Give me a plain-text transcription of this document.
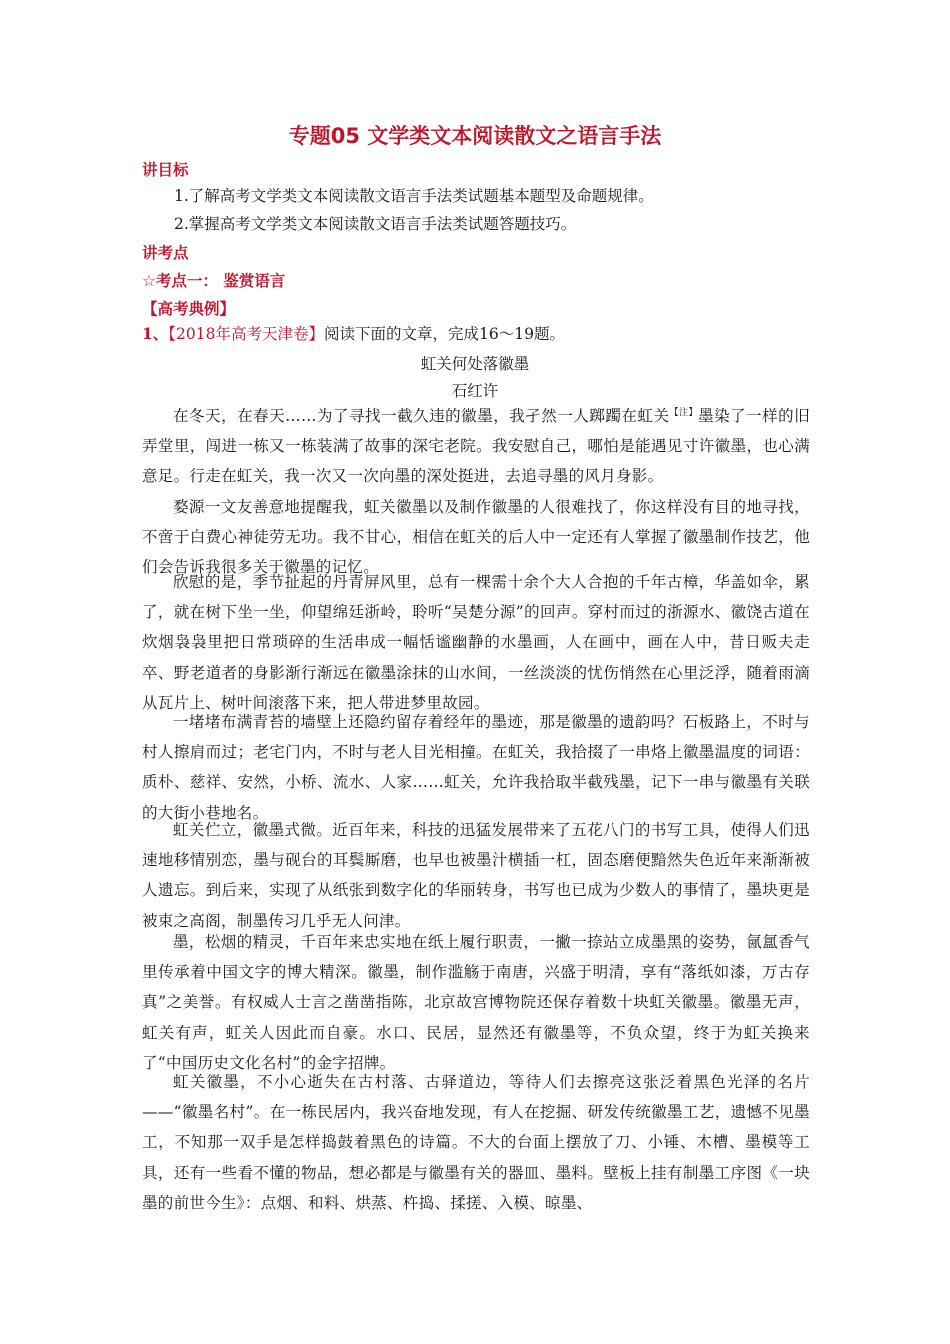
专题05 文学类文本阅读散文之语言手法
讲目标
1.了解高考文学类文本阅读散文语言手法类试题基本题型及命题规律。
2.掌握高考文学类文本阅读散文语言手法类试题答题技巧。
讲考点
☆考点一： 鉴赏语言
【高考典例】
1、【2018年高考天津卷】阅读下面的文章，完成16～19题。
虹关何处落徽墨
石红许
在冬天，在春天……为了寻找一截久违的徽墨，我孑然一人踯躅在虹关$^{【注】}$墨染了一样的旧弄堂里，闯进一栋又一栋装满了故事的深宅老院。我安慰自己，哪怕是能遇见寸许徽墨，也心满意足。行走在虹关，我一次又一次向墨的深处挺进，去追寻墨的风月身影。
婺源一文友善意地提醒我，虹关徽墨以及制作徽墨的人很难找了，你这样没有目的地寻找，不啻于白费心神徒劳无功。我不甘心，相信在虹关的后人中一定还有人掌握了徽墨制作技艺，他们会告诉我很多关于徽墨的记忆。
欣慰的是，季节扯起的丹青屏风里，总有一棵需十余个大人合抱的千年古樟，华盖如伞，累了，就在树下坐一坐，仰望绵廷浙岭，聆听“吴楚分源”的回声。穿村而过的浙源水、徽饶古道在炊烟袅袅里把日常琐碎的生活串成一幅恬谧幽静的水墨画，人在画中，画在人中，昔日贩夫走卒、野老道者的身影渐行渐远在徽墨涂抹的山水间，一丝淡淡的忧伤悄然在心里泛浮，随着雨滴从瓦片上、树叶间滚落下来，把人带进梦里故园。
一堵堵布满青苔的墙壁上还隐约留存着经年的墨迹，那是徽墨的遗韵吗？石板路上，不时与村人擦肩而过；老宅门内，不时与老人目光相撞。在虹关，我拾掇了一串烙上徽墨温度的词语：质朴、慈祥、安然，小桥、流水、人家……虹关，允许我拾取半截残墨，记下一串与徽墨有关联的大街小巷地名。
虹关伫立，徽墨式微。近百年来，科技的迅猛发展带来了五花八门的书写工具，使得人们迅速地移情别恋，墨与砚台的耳鬓厮磨，也早也被墨汁横插一杠，固态磨便黯然失色近年来渐渐被人遗忘。到后来，实现了从纸张到数字化的华丽转身，书写也已成为少数人的事情了，墨块更是被束之高阁，制墨传习几乎无人问津。
墨，松烟的精灵，千百年来忠实地在纸上履行职责，一撇一捺站立成墨黑的姿势，氤氲香气里传承着中国文字的博大精深。徽墨，制作滥觞于南唐，兴盛于明清，享有“落纸如漆，万古存真”之美誉。有权威人士言之凿凿指陈，北京故宫博物院还保存着数十块虹关徽墨。徽墨无声，虹关有声，虹关人因此而自豪。水口、民居，显然还有徽墨等，不负众望，终于为虹关换来了“中国历史文化名村”的金字招牌。
虹关徽墨，不小心逝失在古村落、古驿道边，等待人们去擦亮这张泛着黑色光泽的名片——“徽墨名村”。在一栋民居内，我兴奋地发现，有人在挖掘、研发传统徽墨工艺，遗憾不见墨工，不知那一双手是怎样捣鼓着黑色的诗篇。不大的台面上摆放了刀、小锤、木槽、墨模等工具，还有一些看不懂的物品，想必都是与徽墨有关的器皿、墨料。壁板上挂有制墨工序图《一块墨的前世今生》：点烟、和料、烘蒸、杵捣、揉搓、入模、晾墨、
